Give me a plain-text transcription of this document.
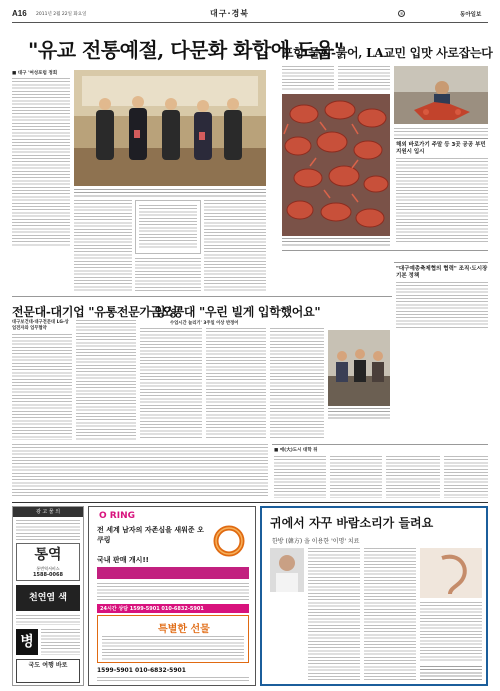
A16 2011년 2월 22일 화요일	대구·경북	조	동아일보
"유교 전통예절, 다문화 화합에 도움"
■ 대구 '여성포럼 정회
포항 물회-붉어, LA교민 입맛 사로잡는다
해외 바로가기 주말 등 3곳 공공 부민 지원시 입시
"대구예총축제협의 협력" 조직·도시장 기본 정책
전문대-대기업 "유통전문가 양성"
대구보건대·대구전문대 LG-상업전자와 업무협약
금오공대 "우린 빌게 입학했어요"
수업시간 늘리기' 3주일 이상 반정어
■ 애(大)도시 대학 뒤
광 고 물 의
통역
통번역서비스
1588-0068
천연염 색
병
국도 여행 바로
O RING
전 세계 남자의 자존심을 새워준 오쿠링
국내 판매 개시!!
24시간 상담 1599-5901 010-6832-5901
특별한 선물
1599-5901 010-6832-5901
귀에서 자꾸 바람소리가 들려요
한방 (韓方) 을 이용한 '이명' 치료
